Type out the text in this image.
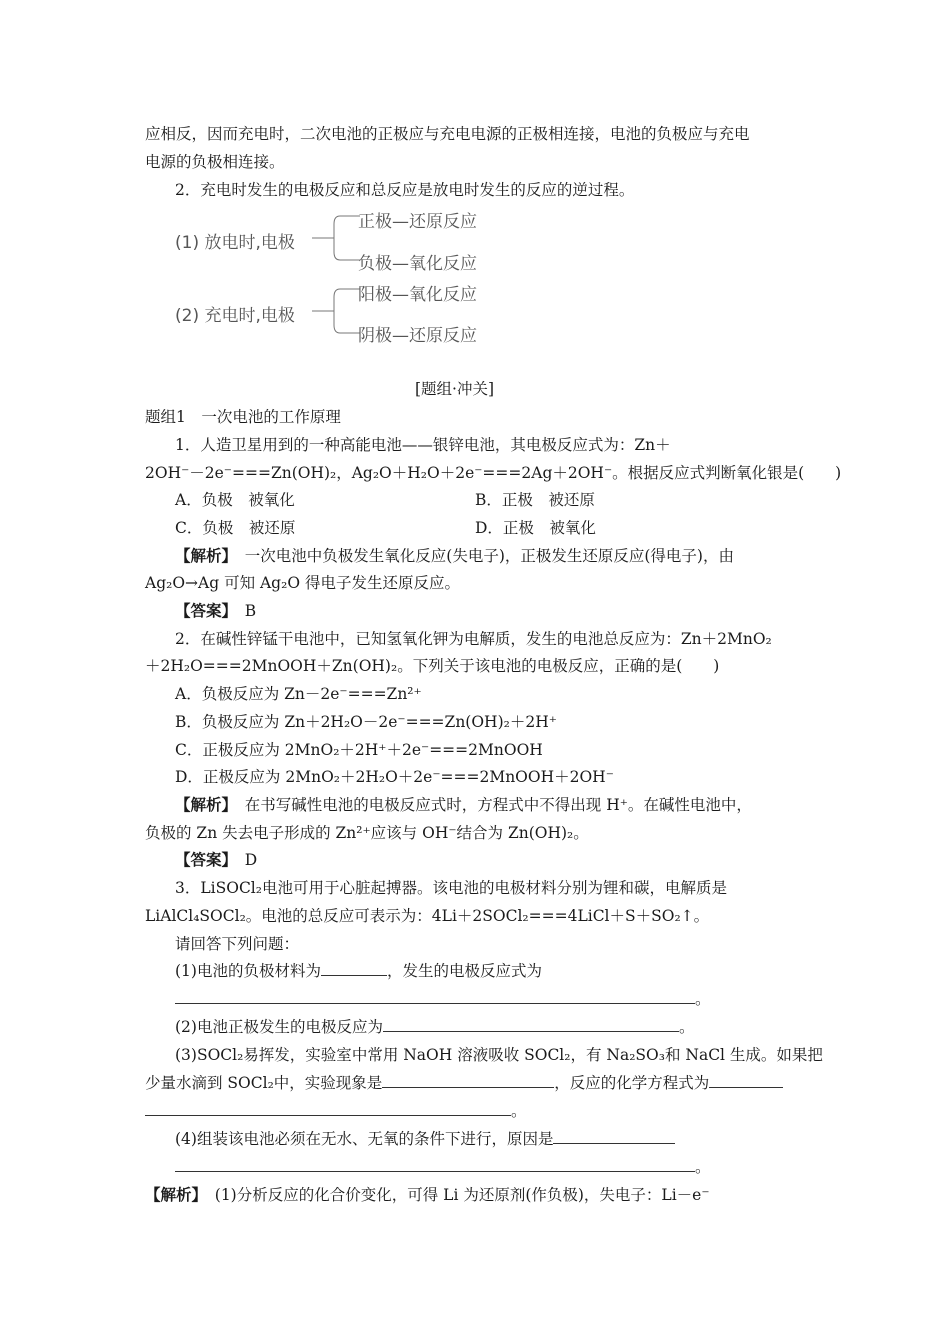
应相反，因而充电时，二次电池的正极应与充电电源的正极相连接，电池的负极应与充电
电源的负极相连接。
2．充电时发生的电极反应和总反应是放电时发生的反应的逆过程。
(1) 放电时,电极
正极—还原反应
负极—氧化反应
(2) 充电时,电极
阳极—氧化反应
阴极—还原反应
[题组·冲关]
题组1　一次电池的工作原理
1．人造卫星用到的一种高能电池——银锌电池，其电极反应式为：Zn＋
2OH⁻－2e⁻===Zn(OH)₂，Ag₂O＋H₂O＋2e⁻===2Ag＋2OH⁻。根据反应式判断氧化银是(　　)
A．负极　被氧化	B．正极　被还原
C．负极　被还原	D．正极　被氧化
【解析】　一次电池中负极发生氧化反应(失电子)，正极发生还原反应(得电子)，由
Ag₂O→Ag 可知 Ag₂O 得电子发生还原反应。
【答案】　B
2．在碱性锌锰干电池中，已知氢氧化钾为电解质，发生的电池总反应为：Zn＋2MnO₂
＋2H₂O===2MnOOH＋Zn(OH)₂。下列关于该电池的电极反应，正确的是(　　)
A．负极反应为 Zn－2e⁻===Zn²⁺
B．负极反应为 Zn＋2H₂O－2e⁻===Zn(OH)₂＋2H⁺
C．正极反应为 2MnO₂＋2H⁺＋2e⁻===2MnOOH
D．正极反应为 2MnO₂＋2H₂O＋2e⁻===2MnOOH＋2OH⁻
【解析】　在书写碱性电池的电极反应式时，方程式中不得出现 H⁺。在碱性电池中，
负极的 Zn 失去电子形成的 Zn²⁺应该与 OH⁻结合为 Zn(OH)₂。
【答案】　D
3．LiSOCl₂电池可用于心脏起搏器。该电池的电极材料分别为锂和碳，电解质是
LiAlCl₄SOCl₂。电池的总反应可表示为：4Li＋2SOCl₂===4LiCl＋S＋SO₂↑。
请回答下列问题：
(1)电池的负极材料为	，发生的电极反应式为
。
(2)电池正极发生的电极反应为	。
(3)SOCl₂易挥发，实验室中常用 NaOH 溶液吸收 SOCl₂，有 Na₂SO₃和 NaCl 生成。如果把
少量水滴到 SOCl₂中，实验现象是	，反应的化学方程式为
。
(4)组装该电池必须在无水、无氧的条件下进行，原因是
。
【解析】　(1)分析反应的化合价变化，可得 Li 为还原剂(作负极)，失电子：Li－e⁻
